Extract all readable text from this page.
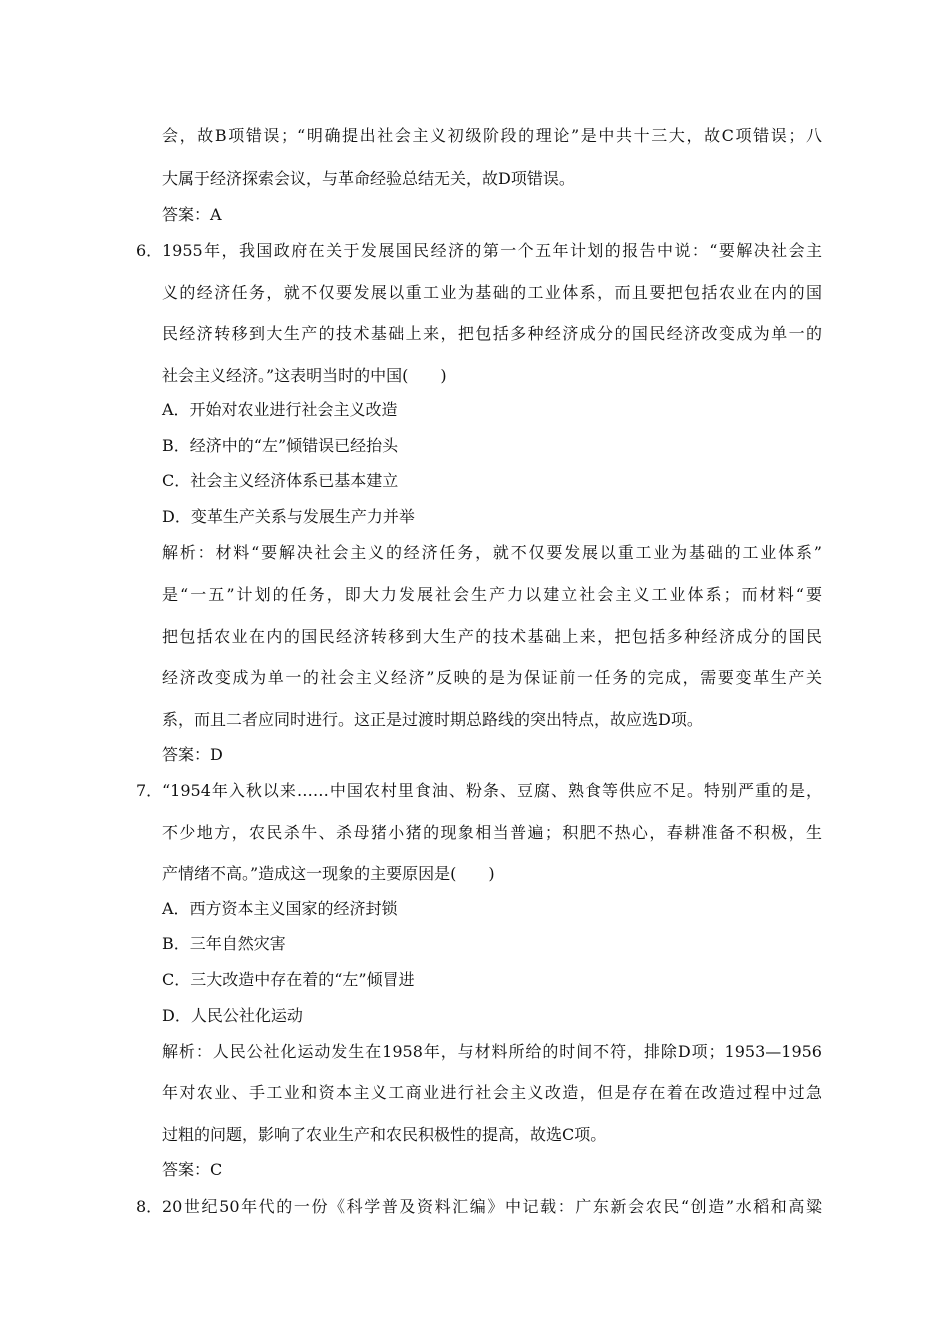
会，故B项错误；“明确提出社会主义初级阶段的理论”是中共十三大，故C项错误；八

大属于经济探索会议，与革命经验总结无关，故D项错误。

答案：A

6． 1955年，我国政府在关于发展国民经济的第一个五年计划的报告中说：“要解决社会主

义的经济任务，就不仅要发展以重工业为基础的工业体系，而且要把包括农业在内的国

民经济转移到大生产的技术基础上来，把包括多种经济成分的国民经济改变成为单一的

社会主义经济。”这表明当时的中国(　　)

A．开始对农业进行社会主义改造

B．经济中的“左”倾错误已经抬头

C．社会主义经济体系已基本建立

D．变革生产关系与发展生产力并举

解析：材料“要解决社会主义的经济任务，就不仅要发展以重工业为基础的工业体系”

是“一五”计划的任务，即大力发展社会生产力以建立社会主义工业体系；而材料“要

把包括农业在内的国民经济转移到大生产的技术基础上来，把包括多种经济成分的国民

经济改变成为单一的社会主义经济”反映的是为保证前一任务的完成，需要变革生产关

系，而且二者应同时进行。这正是过渡时期总路线的突出特点，故应选D项。

答案：D

7． “1954年入秋以来……中国农村里食油、粉条、豆腐、熟食等供应不足。特别严重的是，

不少地方，农民杀牛、杀母猪小猪的现象相当普遍；积肥不热心，春耕准备不积极，生

产情绪不高。”造成这一现象的主要原因是(　　)

A．西方资本主义国家的经济封锁

B．三年自然灾害

C．三大改造中存在着的“左”倾冒进

D．人民公社化运动

解析：人民公社化运动发生在1958年，与材料所给的时间不符，排除D项；1953—1956

年对农业、手工业和资本主义工商业进行社会主义改造，但是存在着在改造过程中过急

过粗的问题，影响了农业生产和农民积极性的提高，故选C项。

答案：C

8． 20世纪50年代的一份《科学普及资料汇编》中记载：广东新会农民“创造”水稻和高粱
